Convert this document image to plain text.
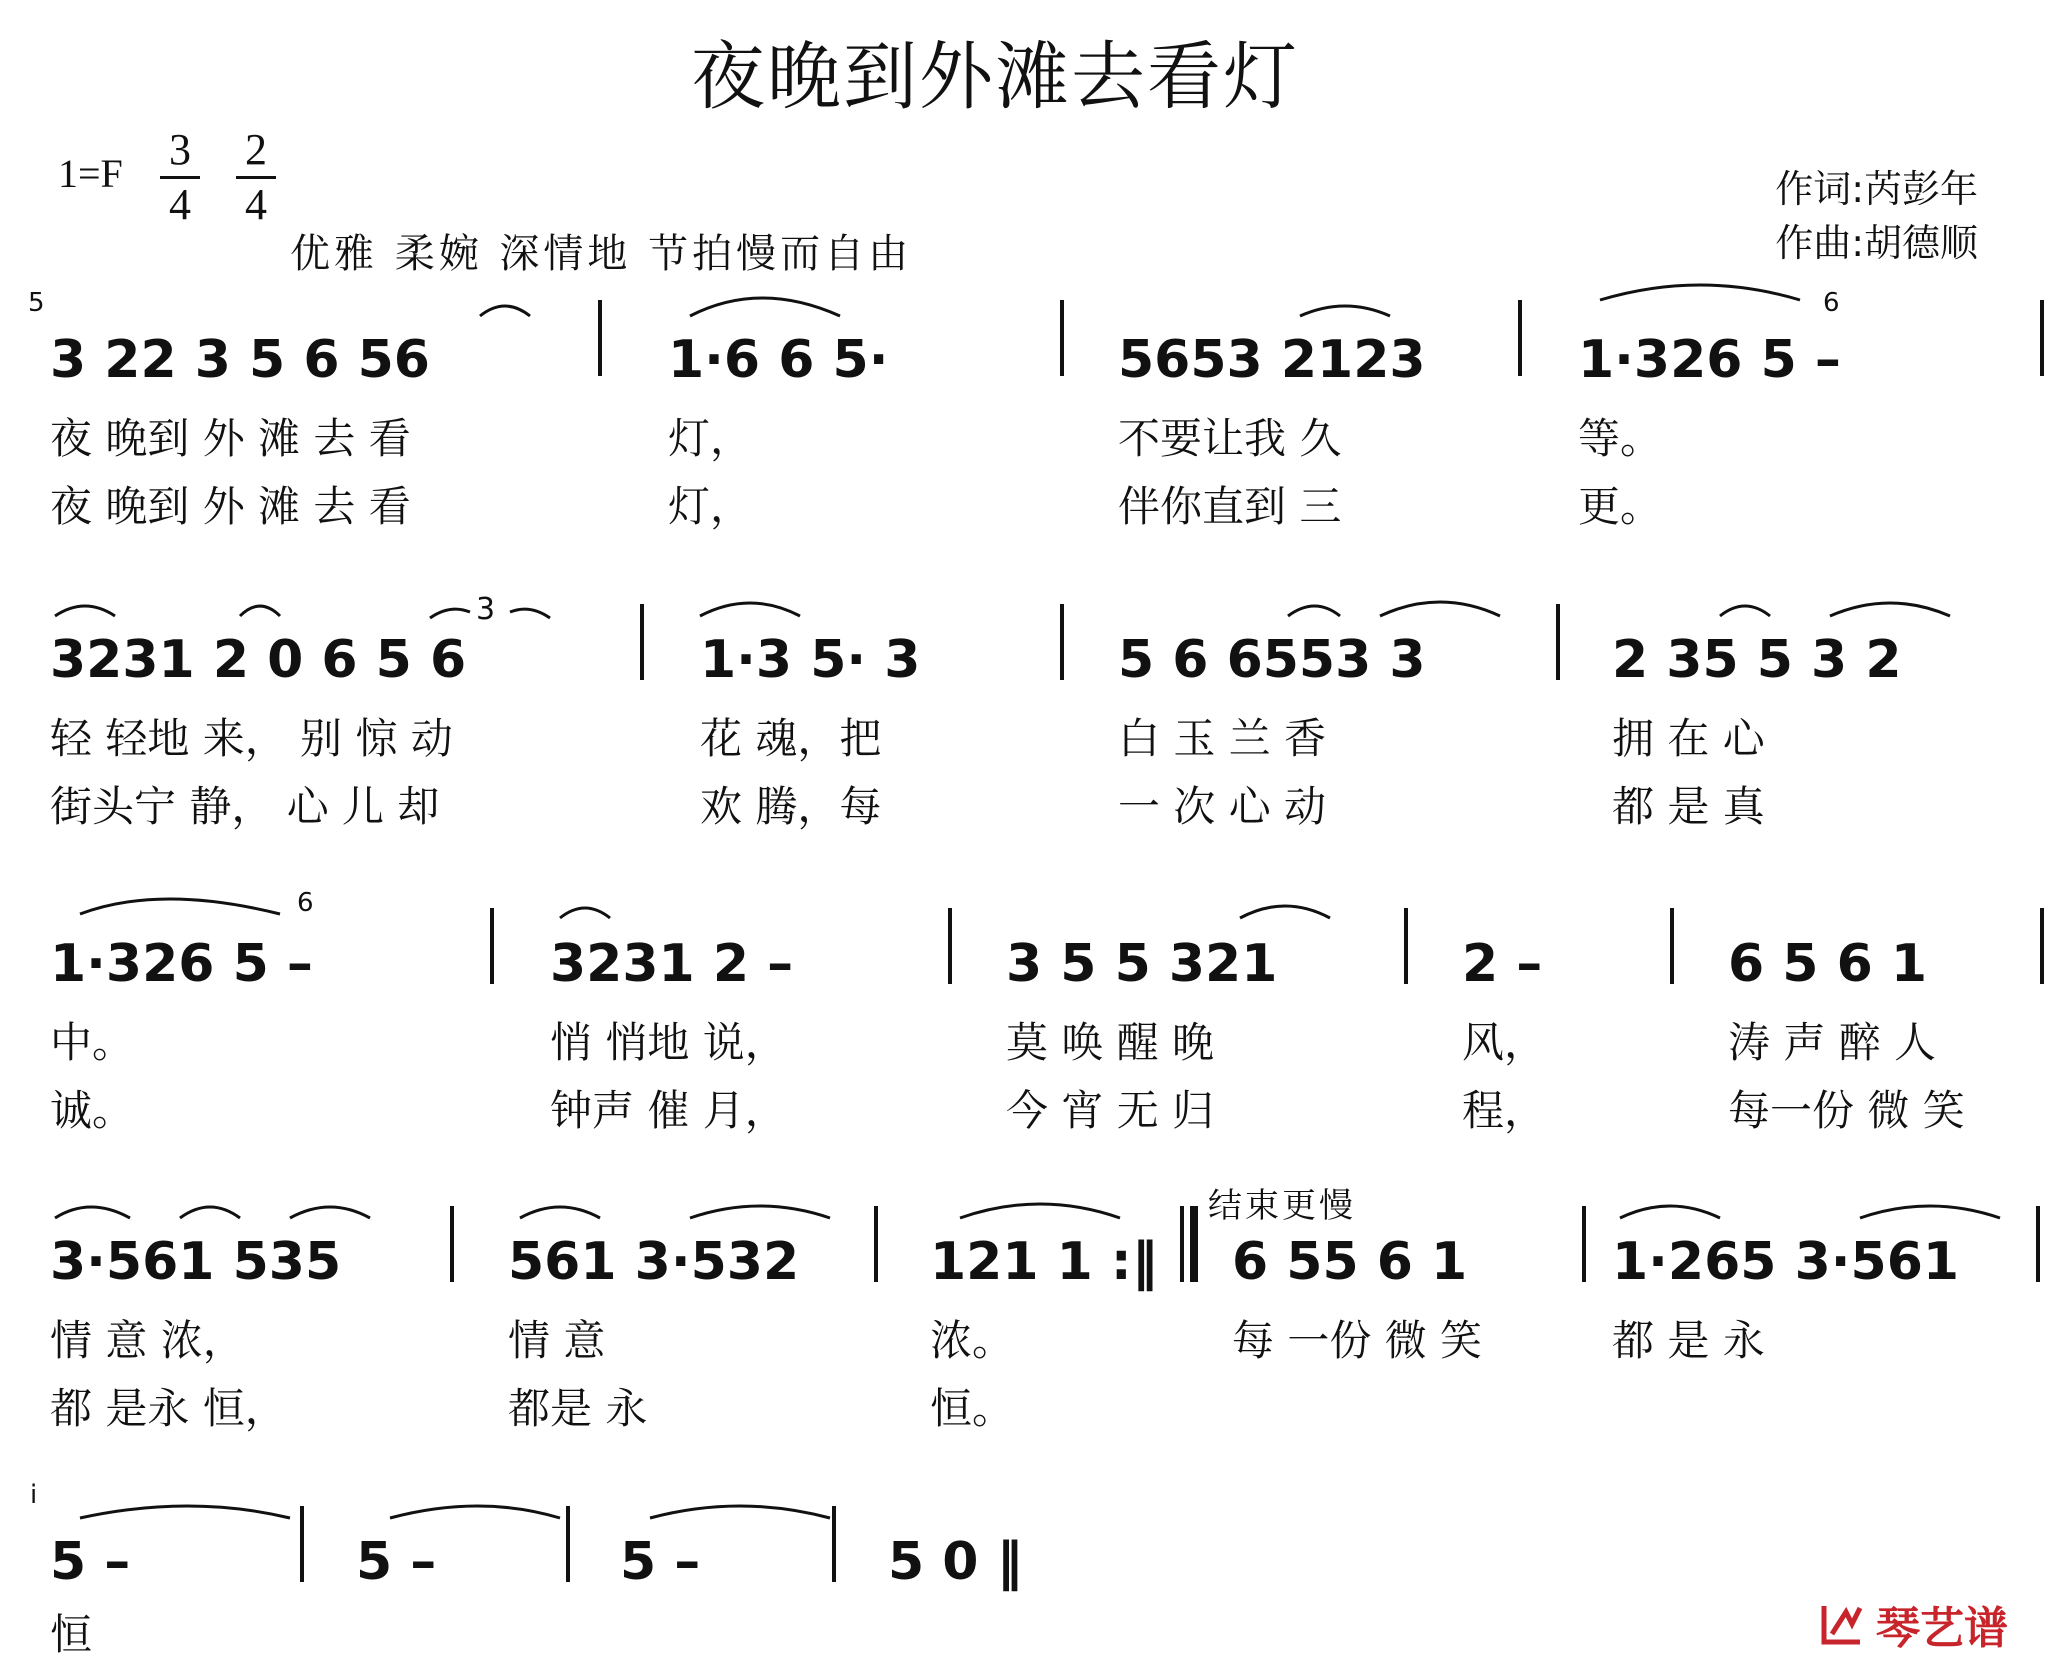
夜晚到外滩去看灯
$1=F \frac{3}{4} \frac{2}{4}$	作词:芮彭年
作曲:胡德顺
优雅 柔婉 深情地 节拍慢而自由
5	6
6
i
3
结束更慢
3 22 3 5 6 56	1·6 6 5·	5653 2123	1·326 5 –
夜 晚到 外 滩 去 看	灯，	不要让我 久	等。
夜 晚到 外 滩 去 看	灯，	伴你直到 三	更。
3231 2 0 6 5 6	1·3 5· 3	5 6 6553 3	2 35 5 3 2
轻 轻地 来， 别 惊 动	花 魂，把	白 玉 兰 香	拥 在 心
街头宁 静， 心 儿 却	欢 腾，每	一 次 心 动	都 是 真
1·326 5 –	3231 2 –	3 5 5 321	2 –	6 5 6 1
中。	悄 悄地 说，	莫 唤 醒 晚	风，	涛 声 醉 人
诚。	钟声 催 月，	今 宵 无 归	程，	每一份 微 笑
3·561 535	561 3·532	121 1 :‖ 6 55 6 1	1·265 3·561
情 意 浓，	情 意	浓。	每 一份 微 笑	都 是 永
都 是永 恒，	都是 永	恒。
5 –	5 –	5 –	5 0 ‖
恒	琴艺谱
